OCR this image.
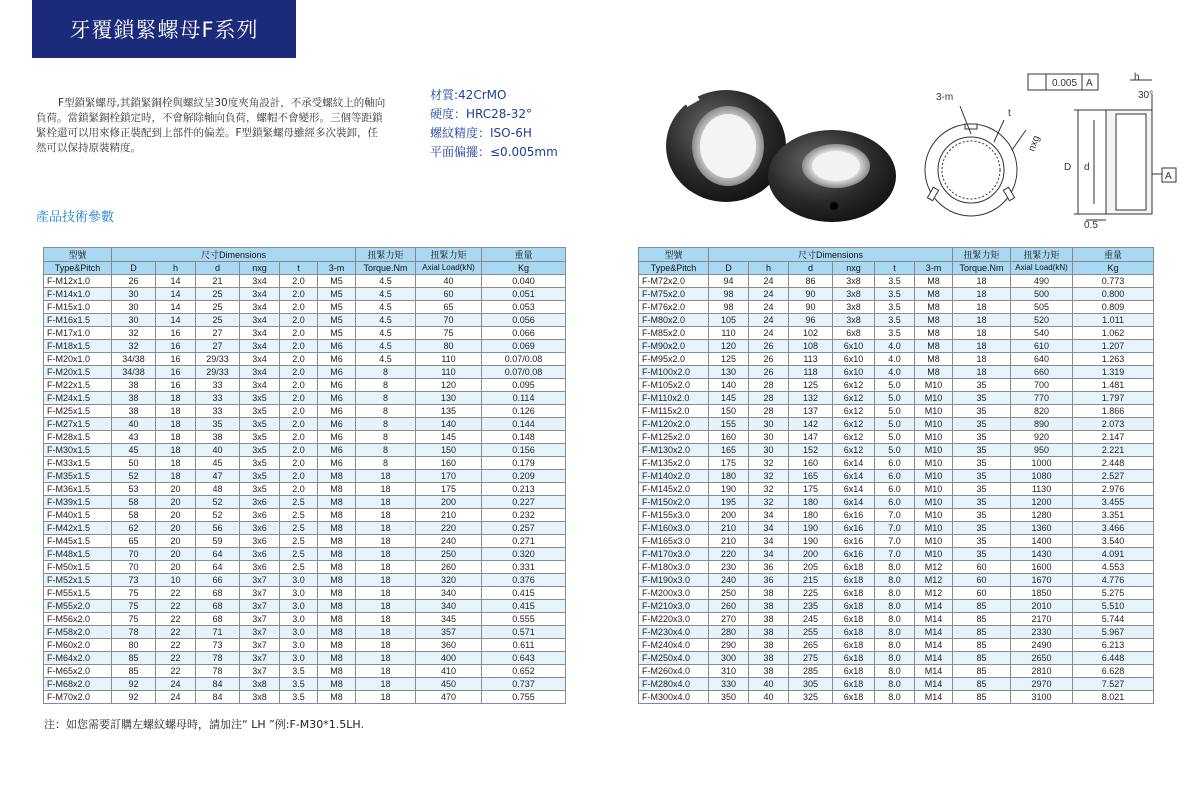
牙覆鎖緊螺母F系列

F型鎖緊螺母,其鎖緊銅栓與螺紋呈30度夾角設計，不承受螺紋上的軸向負荷。當鎖緊銅栓鎖定時，不會解除軸向負荷，螺帽不會變形。三個等距鎖緊栓還可以用來修正裝配到上部件的偏差。F型鎖緊螺母雖經多次裝卸，任然可以保持原裝精度。

材質:42CrMO
硬度：HRC28-32°
螺紋精度：ISO-6H
平面偏擺：≤0.005mm
3-m
t
nxg
0.005 A
D d
h
30°
A
0.5
產品技術參數
型號	尺寸Dimensions						扭緊力矩	扭緊力矩	重量
Type&Pitch	D	h	d	nxg	t	3-m	Torque.Nm	Axial Load(kN)	Kg
F-M12x1.0	26	14	21	3x4	2.0	M5	4.5	40	0.040
F-M14x1.0	30	14	25	3x4	2.0	M5	4.5	60	0.051
F-M15x1.0	30	14	25	3x4	2.0	M5	4.5	65	0.053
F-M16x1.5	30	14	25	3x4	2.0	M5	4.5	70	0.056
F-M17x1.0	32	16	27	3x4	2.0	M5	4.5	75	0.066
F-M18x1.5	32	16	27	3x4	2.0	M6	4.5	80	0.069
F-M20x1.0	34/38	16	29/33	3x4	2.0	M6	4.5	110	0.07/0.08
F-M20x1.5	34/38	16	29/33	3x4	2.0	M6	8	110	0.07/0.08
F-M22x1.5	38	16	33	3x4	2.0	M6	8	120	0.095
F-M24x1.5	38	18	33	3x5	2.0	M6	8	130	0.114
F-M25x1.5	38	18	33	3x5	2.0	M6	8	135	0.126
F-M27x1.5	40	18	35	3x5	2.0	M6	8	140	0.144
F-M28x1.5	43	18	38	3x5	2.0	M6	8	145	0.148
F-M30x1.5	45	18	40	3x5	2.0	M6	8	150	0.156
F-M33x1.5	50	18	45	3x5	2.0	M6	8	160	0.179
F-M35x1.5	52	18	47	3x5	2.0	M8	18	170	0.209
F-M36x1.5	53	20	48	3x5	2.0	M8	18	175	0.213
F-M39x1.5	58	20	52	3x6	2.5	M8	18	200	0.227
F-M40x1.5	58	20	52	3x6	2.5	M8	18	210	0.232
F-M42x1.5	62	20	56	3x6	2.5	M8	18	220	0.257
F-M45x1.5	65	20	59	3x6	2.5	M8	18	240	0.271
F-M48x1.5	70	20	64	3x6	2.5	M8	18	250	0.320
F-M50x1.5	70	20	64	3x6	2.5	M8	18	260	0.331
F-M52x1.5	73	10	66	3x7	3.0	M8	18	320	0.376
F-M55x1.5	75	22	68	3x7	3.0	M8	18	340	0.415
F-M55x2.0	75	22	68	3x7	3.0	M8	18	340	0.415
F-M56x2.0	75	22	68	3x7	3.0	M8	18	345	0.555
F-M58x2.0	78	22	71	3x7	3.0	M8	18	357	0.571
F-M60x2.0	80	22	73	3x7	3.0	M8	18	360	0.611
F-M64x2.0	85	22	78	3x7	3.0	M8	18	400	0.643
F-M65x2.0	85	22	78	3x7	3.5	M8	18	410	0.652
F-M68x2.0	92	24	84	3x8	3.5	M8	18	450	0.737
F-M70x2.0	92	24	84	3x8	3.5	M8	18	470	0.755
型號	尺寸Dimensions						扭緊力矩	扭緊力矩	重量
Type&Pitch	D	h	d	nxg	t	3-m	Torque.Nm	Axial Load(kN)	Kg
F-M72x2.0	94	24	86	3x8	3.5	M8	18	490	0.773
F-M75x2.0	98	24	90	3x8	3.5	M8	18	500	0.800
F-M76x2.0	98	24	90	3x8	3.5	M8	18	505	0.809
F-M80x2.0	105	24	96	3x8	3.5	M8	18	520	1.011
F-M85x2.0	110	24	102	6x8	3.5	M8	18	540	1.062
F-M90x2.0	120	26	108	6x10	4.0	M8	18	610	1.207
F-M95x2.0	125	26	113	6x10	4.0	M8	18	640	1.263
F-M100x2.0	130	26	118	6x10	4.0	M8	18	660	1.319
F-M105x2.0	140	28	125	6x12	5.0	M10	35	700	1.481
F-M110x2.0	145	28	132	6x12	5.0	M10	35	770	1.797
F-M115x2.0	150	28	137	6x12	5.0	M10	35	820	1.866
F-M120x2.0	155	30	142	6x12	5.0	M10	35	890	2.073
F-M125x2.0	160	30	147	6x12	5.0	M10	35	920	2.147
F-M130x2.0	165	30	152	6x12	5.0	M10	35	950	2.221
F-M135x2.0	175	32	160	6x14	6.0	M10	35	1000	2.448
F-M140x2.0	180	32	165	6x14	6.0	M10	35	1080	2.527
F-M145x2.0	190	32	175	6x14	6.0	M10	35	1130	2.976
F-M150x2.0	195	32	180	6x14	6.0	M10	35	1200	3.455
F-M155x3.0	200	34	180	6x16	7.0	M10	35	1280	3.351
F-M160x3.0	210	34	190	6x16	7.0	M10	35	1360	3.466
F-M165x3.0	210	34	190	6x16	7.0	M10	35	1400	3.540
F-M170x3.0	220	34	200	6x16	7.0	M10	35	1430	4.091
F-M180x3.0	230	36	205	6x18	8.0	M12	60	1600	4.553
F-M190x3.0	240	36	215	6x18	8.0	M12	60	1670	4.776
F-M200x3.0	250	38	225	6x18	8.0	M12	60	1850	5.275
F-M210x3.0	260	38	235	6x18	8.0	M14	85	2010	5.510
F-M220x3.0	270	38	245	6x18	8.0	M14	85	2170	5.744
F-M230x4.0	280	38	255	6x18	8.0	M14	85	2330	5.967
F-M240x4.0	290	38	265	6x18	8.0	M14	85	2490	6.213
F-M250x4.0	300	38	275	6x18	8.0	M14	85	2650	6.448
F-M260x4.0	310	38	285	6x18	8.0	M14	85	2810	6.628
F-M280x4.0	330	40	305	6x18	8.0	M14	85	2970	7.527
F-M300x4.0	350	40	325	6x18	8.0	M14	85	3100	8.021
注：如您需要訂購左螺紋螺母時，請加注“ LH ”例:F-M30*1.5LH.
